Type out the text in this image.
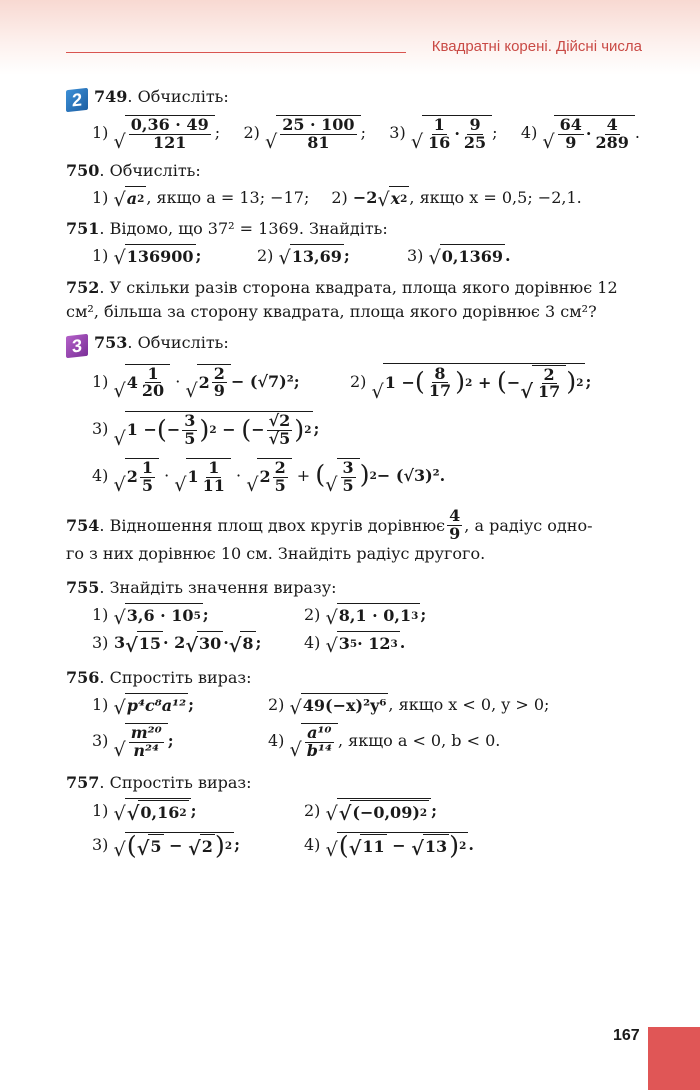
Квадратні корені. Дійсні числа
2 749. Обчисліть:
1)
√ $\frac{0,36 \cdot 49}{121}$ ; 2)
√ $\frac{25 \cdot 100}{81}$ ; 3)
√ $\frac{1}{16} \cdot \frac{9}{25}$ ; 4)
√ $\frac{64}{9} \cdot \frac{4}{289}$ .
750. Обчисліть:
1)
√ a 2 , якщо a = 13; −17; 2)
−2 √ x 2 , якщо x = 0,5; −2,1.
751. Відомо, що 37² = 1369. Знайдіть:
1)
√ 136900 ;	2)
√ 13,69 ;	3)
√ 0,1369 .

752. У скільки разів сторона квадрата, площа якого дорівнює 12 см², більша за сторону квадрата, площа якого дорівнює 3 см²?

3 753. Обчисліть:
1)
√ $4 \frac{1}{20}$ · √ $2 \frac{2}{9} - (√7)^2$;	2)
√ 1 − ( $\frac{8}{17}$ ) 2
+
( − √ $\frac{2}{17}$ ) 2 ;
3)
√ 1 − ( − $\frac{3}{5}$ ) 2 − ( − $\frac{√2}{√5}$ ) 2 ;
4)
√ $2 \frac{1}{5}$ · √ $1 \frac{1}{11}$ · √ $2 \frac{2}{5}$ + ( √ $\frac{3}{5}$ ) 2 − (√3)².
754 . Відношення площ двох кругів дорівнює $\frac{4}{9}$ , а радіус одно-
го з них дорівнює 10 см. Знайдіть радіус другого.
755. Знайдіть значення виразу:
1)
√ 3,6 · 10 5 ;	2)
√ 8,1 · 0,1 3 ;
3)
3 √ 15 · 2 √ 30 · √ 8 ;	4)
√ 3 5 · 12 3 .
756. Спростіть вираз:
1)
√ p⁴c⁸a¹² ;	2)
√ 49(−x)²y⁶ , якщо x < 0, y > 0;
3)
√ $\frac{\text{m²⁰}}{\text{n²⁴}}$ ;	4)
√ $\frac{\text{a¹⁰}}{\text{b¹⁴}}$ , якщо a < 0, b < 0.
757. Спростіть вираз:
1)
√ √ 0,16 2 ;	2)
√ √ (−0,09) 2 ;
3)
√ ( √ 5 − √ 2 ) 2 ;	4)
√ ( √ 11 − √ 13 ) 2 .
167
